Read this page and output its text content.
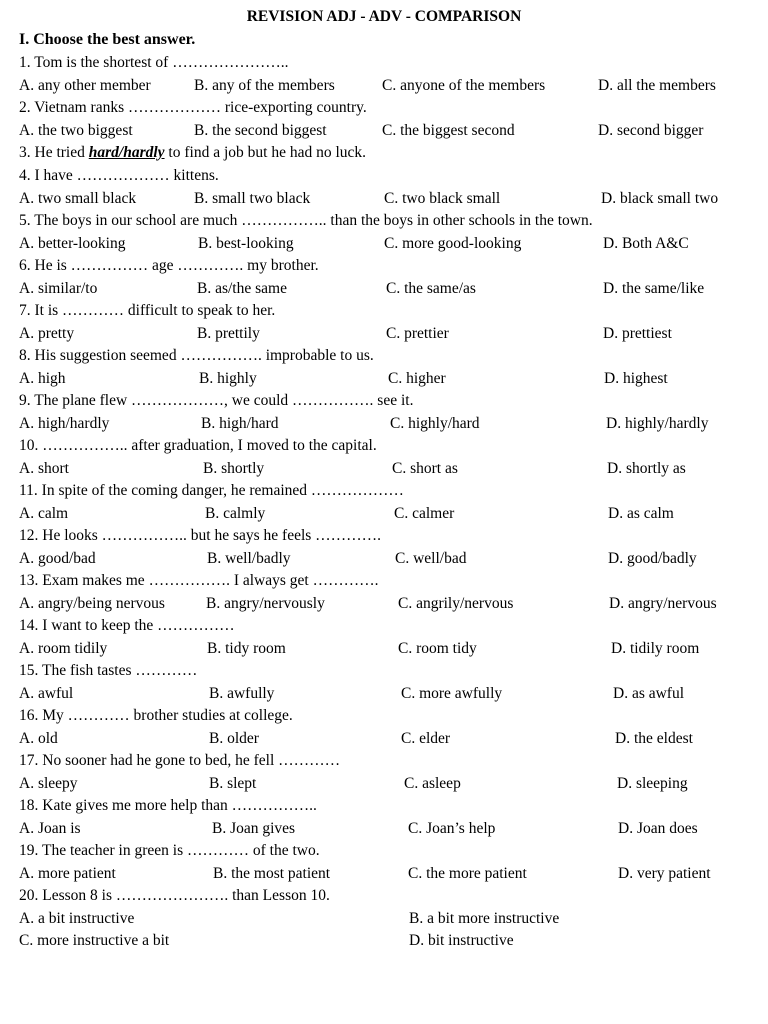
REVISION ADJ - ADV - COMPARISON
I. Choose the best answer.
1. Tom is the shortest of …………………..
A. any other member	B. any of the members	C. anyone of the members	D. all the members
2. Vietnam ranks ……………… rice-exporting country.
A. the two biggest	B. the second biggest	C. the biggest second	D. second bigger
3. He tried hard/hardly to find a job but he had no luck.
4. I have ……………… kittens.
A. two small black	B. small two black	C. two black small	D. black small two
5. The boys in our school are much …………….. than the boys in other schools in the town.
A. better-looking	B. best-looking	C. more good-looking	D. Both A&C
6. He is …………… age …………. my brother.
A. similar/to	B. as/the same	C. the same/as	D. the same/like
7. It is ………… difficult to speak to her.
A. pretty	B. prettily	C. prettier	D. prettiest
8. His suggestion seemed ……………. improbable to us.
A. high	B. highly	C. higher	D. highest
9. The plane flew ………………, we could ……………. see it.
A. high/hardly	B. high/hard	C. highly/hard	D. highly/hardly
10. …………….. after graduation, I moved to the capital.
A. short	B. shortly	C. short as	D. shortly as
11. In spite of the coming danger, he remained ………………
A. calm	B. calmly	C. calmer	D. as calm
12. He looks …………….. but he says he feels ………….
A. good/bad	B. well/badly	C. well/bad	D. good/badly
13. Exam makes me ……………. I always get ………….
A. angry/being nervous	B. angry/nervously	C. angrily/nervous	D. angry/nervous
14. I want to keep the ……………
A. room tidily	B. tidy room	C. room tidy	D. tidily room
15. The fish tastes …………
A. awful	B. awfully	C. more awfully	D. as awful
16. My ………… brother studies at college.
A. old	B. older	C. elder	D. the eldest
17. No sooner had he gone to bed, he fell …………
A. sleepy	B. slept	C. asleep	D. sleeping
18. Kate gives me more help than ……………..
A. Joan is	B. Joan gives	C. Joan’s help	D. Joan does
19. The teacher in green is ………… of the two.
A. more patient	B. the most patient	C. the more patient	D. very patient
20. Lesson 8 is …………………. than Lesson 10.
A. a bit instructive	B. a bit more instructive
C. more instructive a bit	D. bit instructive
